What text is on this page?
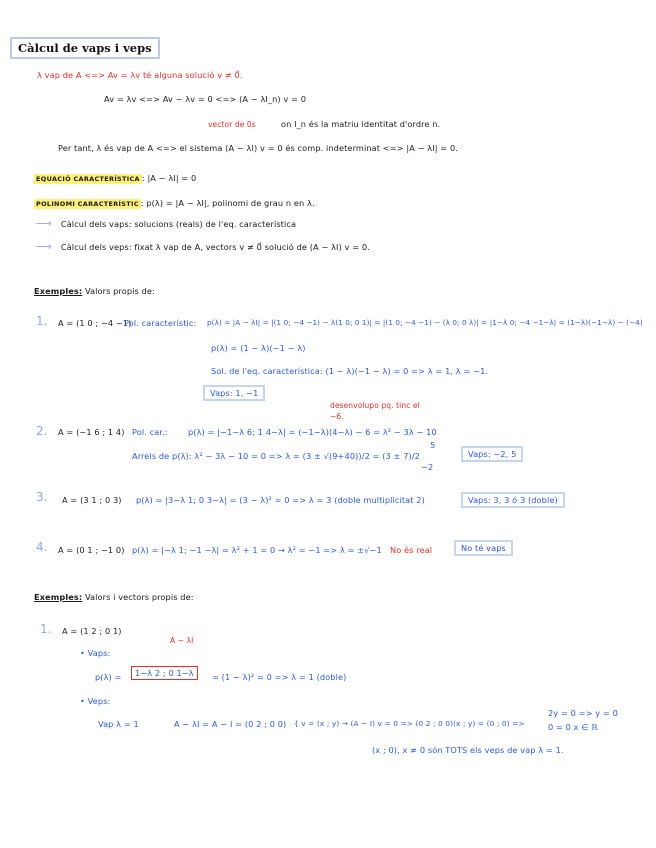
Càlcul de vaps i veps
λ vap de A <=> Av = λv té alguna solució v ≠ 0⃗.
Av = λv <=> Av − λv = 0 <=> (A − λI_n) v = 0
vector de 0s	on I_n és la matriu identitat d'ordre n.
Per tant, λ és vap de A <=> el sistema (A − λI) v = 0 és comp. indeterminat <=> |A − λI| = 0.
EQUACIÓ CARACTERÍSTICA : |A − λI| = 0
POLINOMI CARACTERÍSTIC : p(λ) = |A − λI|, polinomi de grau n en λ.
⟶ Càlcul dels vaps: solucions (reals) de l'eq. característica
⟶ Càlcul dels veps: fixat λ vap de A, vectors v ≠ 0⃗ solució de (A − λI) v = 0.
Exemples: Valors propis de:
1. A = (1 0 ; −4 −1)
Pol. característic: p(λ) = |A − λI| = |(1 0; −4 −1) − λ(1 0; 0 1)| = |(1 0; −4 −1) − (λ 0; 0 λ)| = |1−λ 0; −4 −1−λ| = (1−λ)(−1−λ) − (−4)
p(λ) = (1 − λ)(−1 − λ)
Sol. de l'eq. característica: (1 − λ)(−1 − λ) = 0 => λ = 1, λ = −1.
Vaps: 1, −1
2. A = (−1 6 ; 1 4) Pol. car.: p(λ) = |−1−λ 6; 1 4−λ| = (−1−λ)(4−λ) − 6 = λ² − 3λ − 10
desenvolupo pq. tinc el −6.
Arrels de p(λ): λ² − 3λ − 10 = 0 => λ = (3 ± √(9+40))/2 = (3 ± 7)/2
5
−2
Vaps: −2, 5
3. A = (3 1 ; 0 3) p(λ) = |3−λ 1; 0 3−λ| = (3 − λ)² = 0 => λ = 3 (doble multiplicitat 2)	Vaps: 3, 3 ó 3 (doble)
4. A = (0 1 ; −1 0) p(λ) = |−λ 1; −1 −λ| = λ² + 1 = 0 → λ² = −1 => λ = ±√−1 No és real	No té vaps
Exemples: Valors i vectors propis de:
1. A = (1 2 ; 0 1)
• Vaps:
A − λI
p(λ) =	1−λ 2 ; 0 1−λ	= (1 − λ)² = 0 => λ = 1 (doble)
• Veps:
Vap λ = 1	A − λI = A − I = (0 2 ; 0 0) { v = (x ; y) → (A − I) v = 0 => (0 2 ; 0 0)(x ; y) = (0 ; 0) =>
2y = 0 => y = 0
0 = 0 x ∈ ℝ
(x ; 0), x ≠ 0 són TOTS els veps de vap λ = 1.
